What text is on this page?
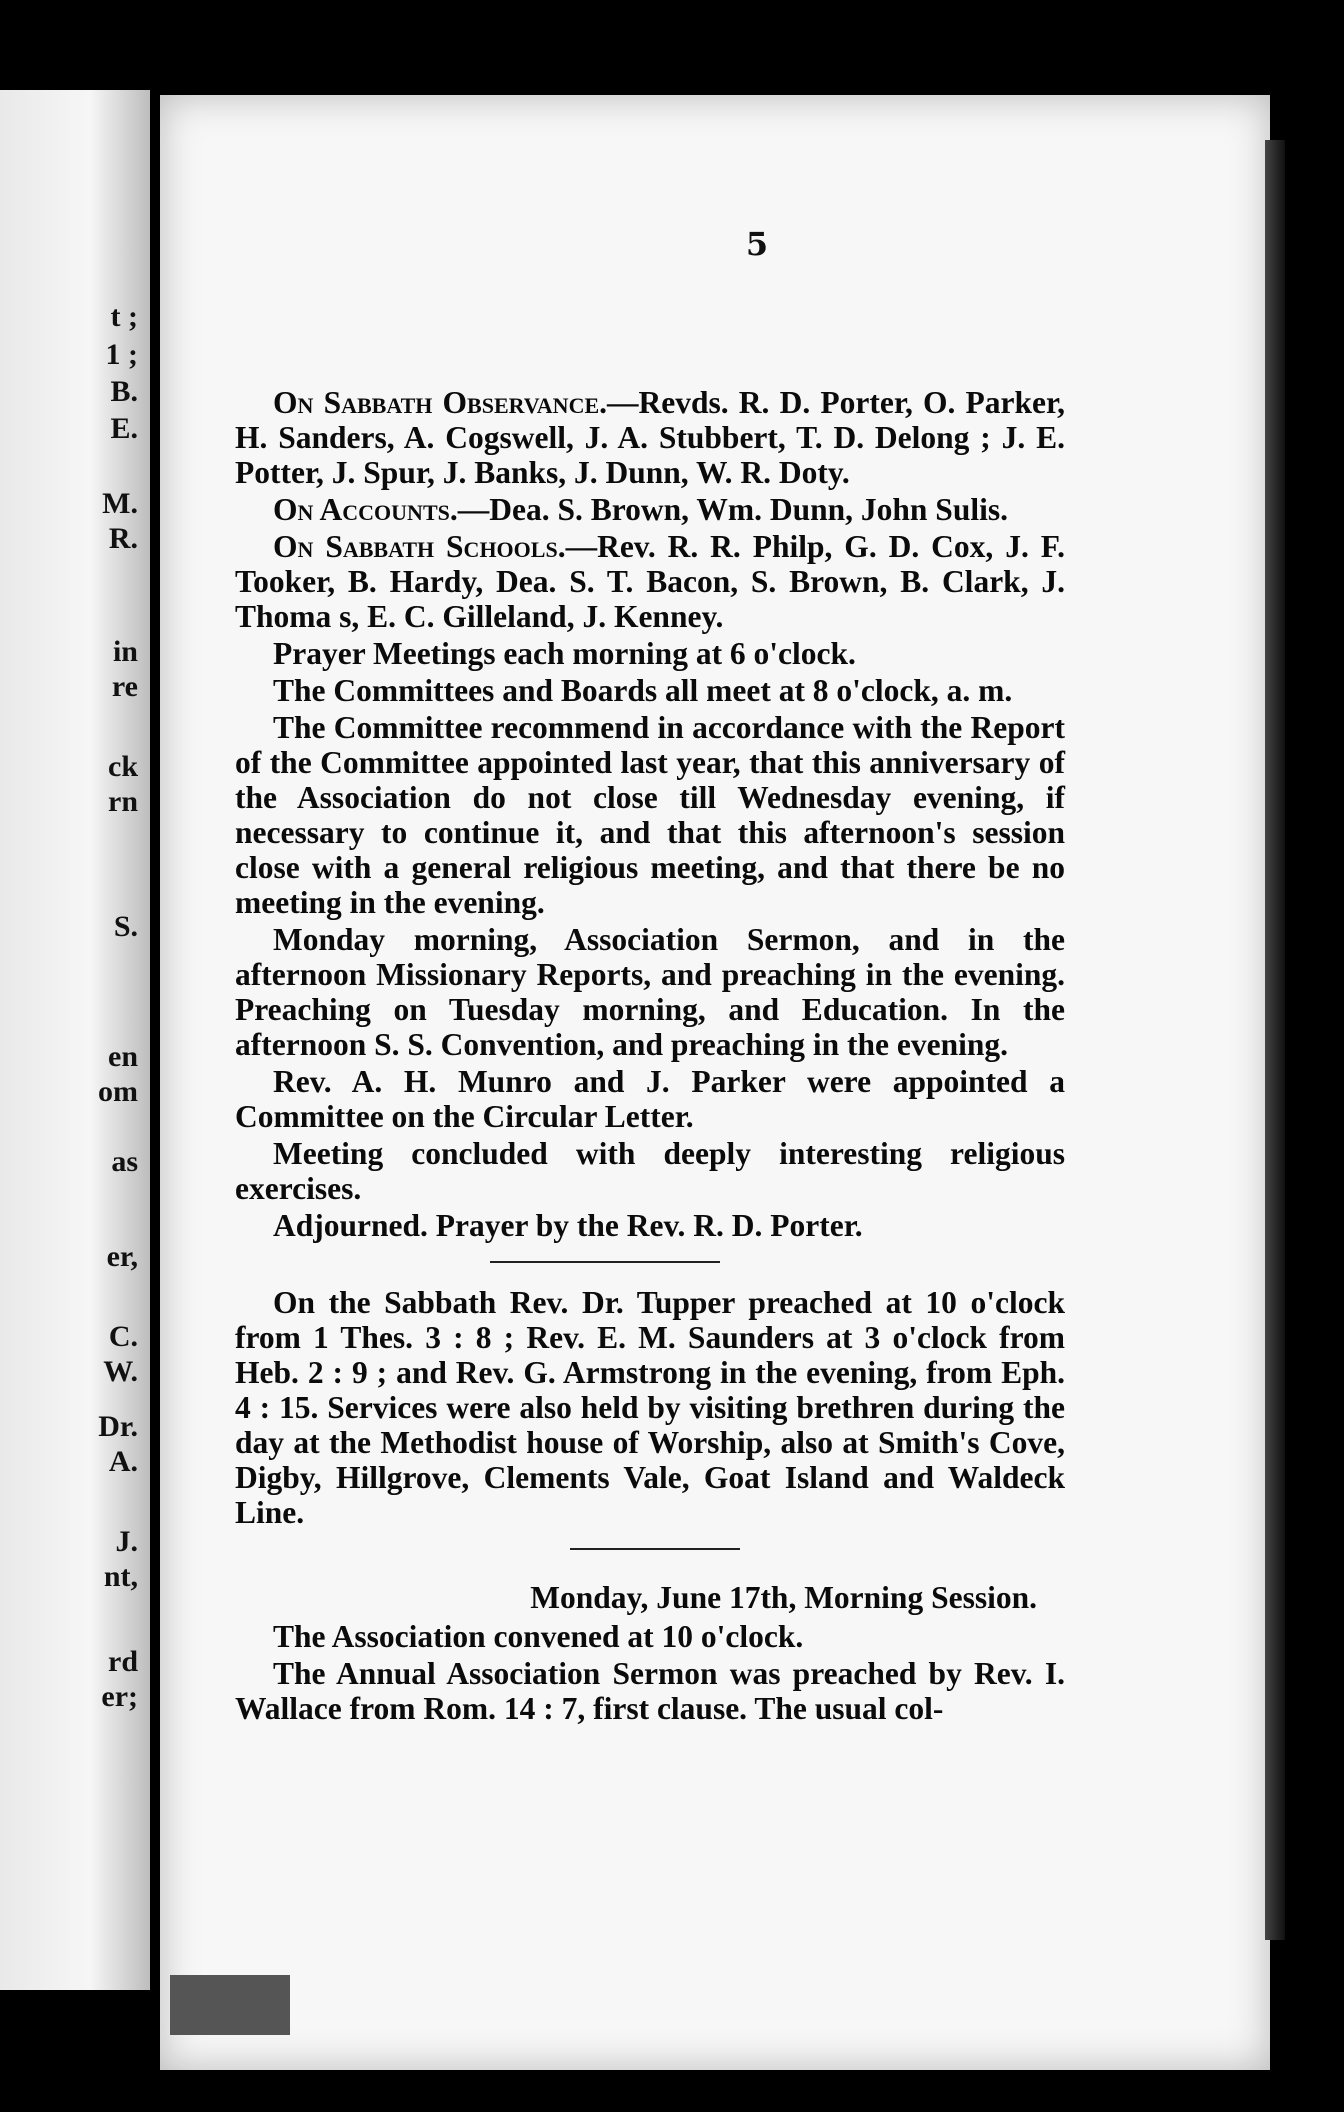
t ;
1 ;
B.
E.
M.
R.
in
re
ck
rn
S.
en
om
as
er,
C.
W.
Dr.
A.
J.
nt,
rd
er;
5

On Sabbath Observance.—Revds. R. D. Porter, O. Parker, H. Sanders, A. Cogswell, J. A. Stubbert, T. D. Delong ; J. E. Potter, J. Spur, J. Banks, J. Dunn, W. R. Doty.

On Accounts.—Dea. S. Brown, Wm. Dunn, John Sulis.

On Sabbath Schools.—Rev. R. R. Philp, G. D. Cox, J. F. Tooker, B. Hardy, Dea. S. T. Bacon, S. Brown, B. Clark, J. Thoma s, E. C. Gilleland, J. Kenney.

Prayer Meetings each morning at 6 o'clock.

The Committees and Boards all meet at 8 o'clock, a. m.

The Committee recommend in accordance with the Report of the Committee appointed last year, that this anniversary of the Association do not close till Wednesday evening, if necessary to continue it, and that this afternoon's session close with a general religious meeting, and that there be no meeting in the evening.

Monday morning, Association Sermon, and in the afternoon Missionary Reports, and preaching in the evening. Preaching on Tuesday morning, and Education. In the afternoon S. S. Convention, and preaching in the evening.

Rev. A. H. Munro and J. Parker were appointed a Committee on the Circular Letter.

Meeting concluded with deeply interesting religious exercises.

Adjourned. Prayer by the Rev. R. D. Porter.

On the Sabbath Rev. Dr. Tupper preached at 10 o'clock from 1 Thes. 3 : 8 ; Rev. E. M. Saunders at 3 o'clock from Heb. 2 : 9 ; and Rev. G. Armstrong in the evening, from Eph. 4 : 15. Services were also held by visiting brethren during the day at the Methodist house of Worship, also at Smith's Cove, Digby, Hillgrove, Clements Vale, Goat Island and Waldeck Line.

Monday, June 17th, Morning Session.

The Association convened at 10 o'clock.

The Annual Association Sermon was preached by Rev. I. Wallace from Rom. 14 : 7, first clause. The usual col-
